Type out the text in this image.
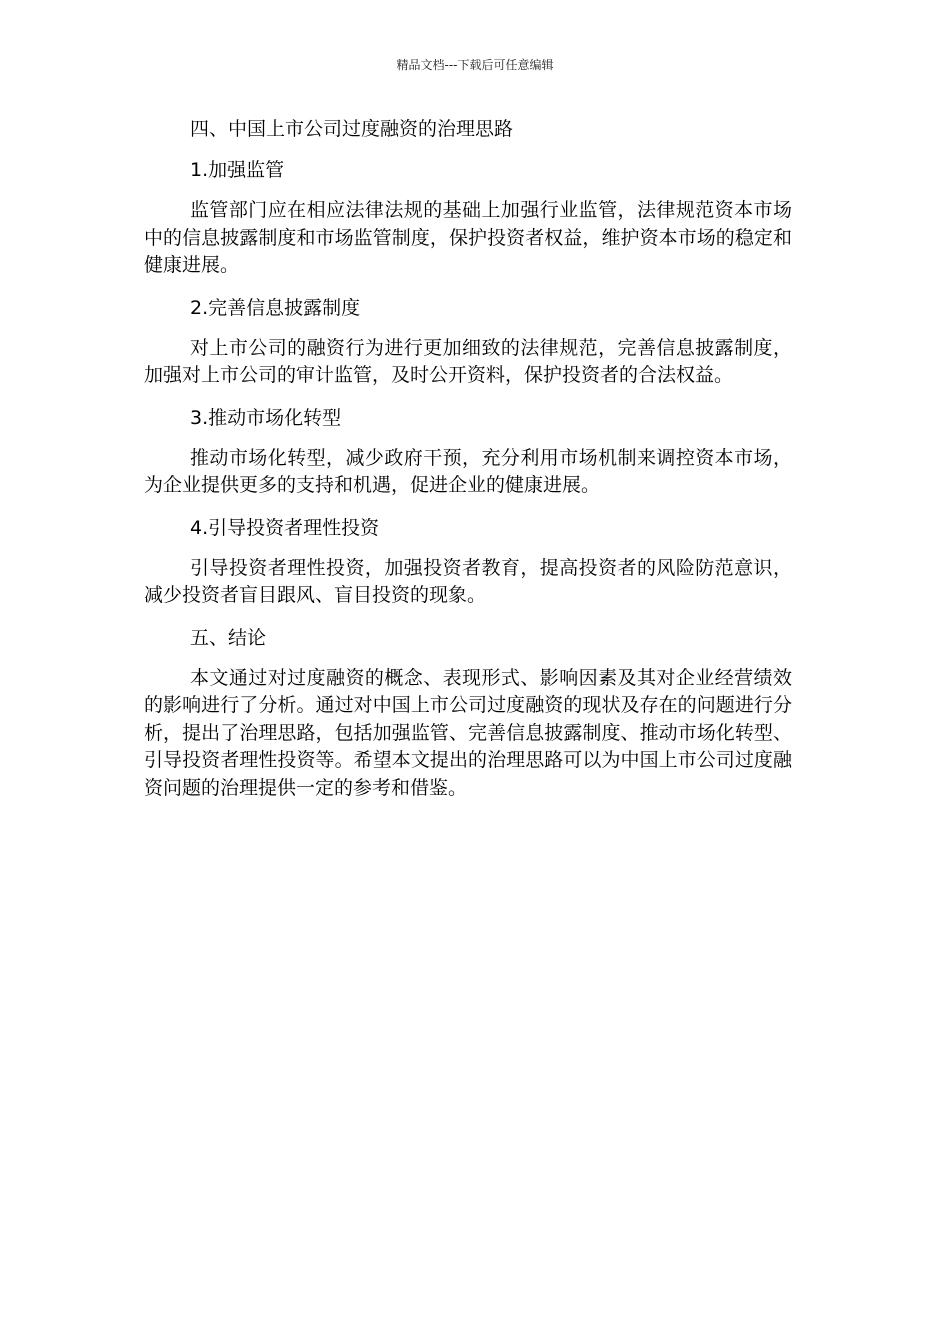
精品文档---下载后可任意编辑
四、中国上市公司过度融资的治理思路
1.加强监管
监管部门应在相应法律法规的基础上加强行业监管，法律规范资本市场中的信息披露制度和市场监管制度，保护投资者权益，维护资本市场的稳定和健康进展。
2.完善信息披露制度
对上市公司的融资行为进行更加细致的法律规范，完善信息披露制度，加强对上市公司的审计监管，及时公开资料，保护投资者的合法权益。
3.推动市场化转型
推动市场化转型，减少政府干预，充分利用市场机制来调控资本市场，为企业提供更多的支持和机遇，促进企业的健康进展。
4.引导投资者理性投资
引导投资者理性投资，加强投资者教育，提高投资者的风险防范意识，减少投资者盲目跟风、盲目投资的现象。
五、结论
本文通过对过度融资的概念、表现形式、影响因素及其对企业经营绩效的影响进行了分析。通过对中国上市公司过度融资的现状及存在的问题进行分析，提出了治理思路，包括加强监管、完善信息披露制度、推动市场化转型、引导投资者理性投资等。希望本文提出的治理思路可以为中国上市公司过度融资问题的治理提供一定的参考和借鉴。
